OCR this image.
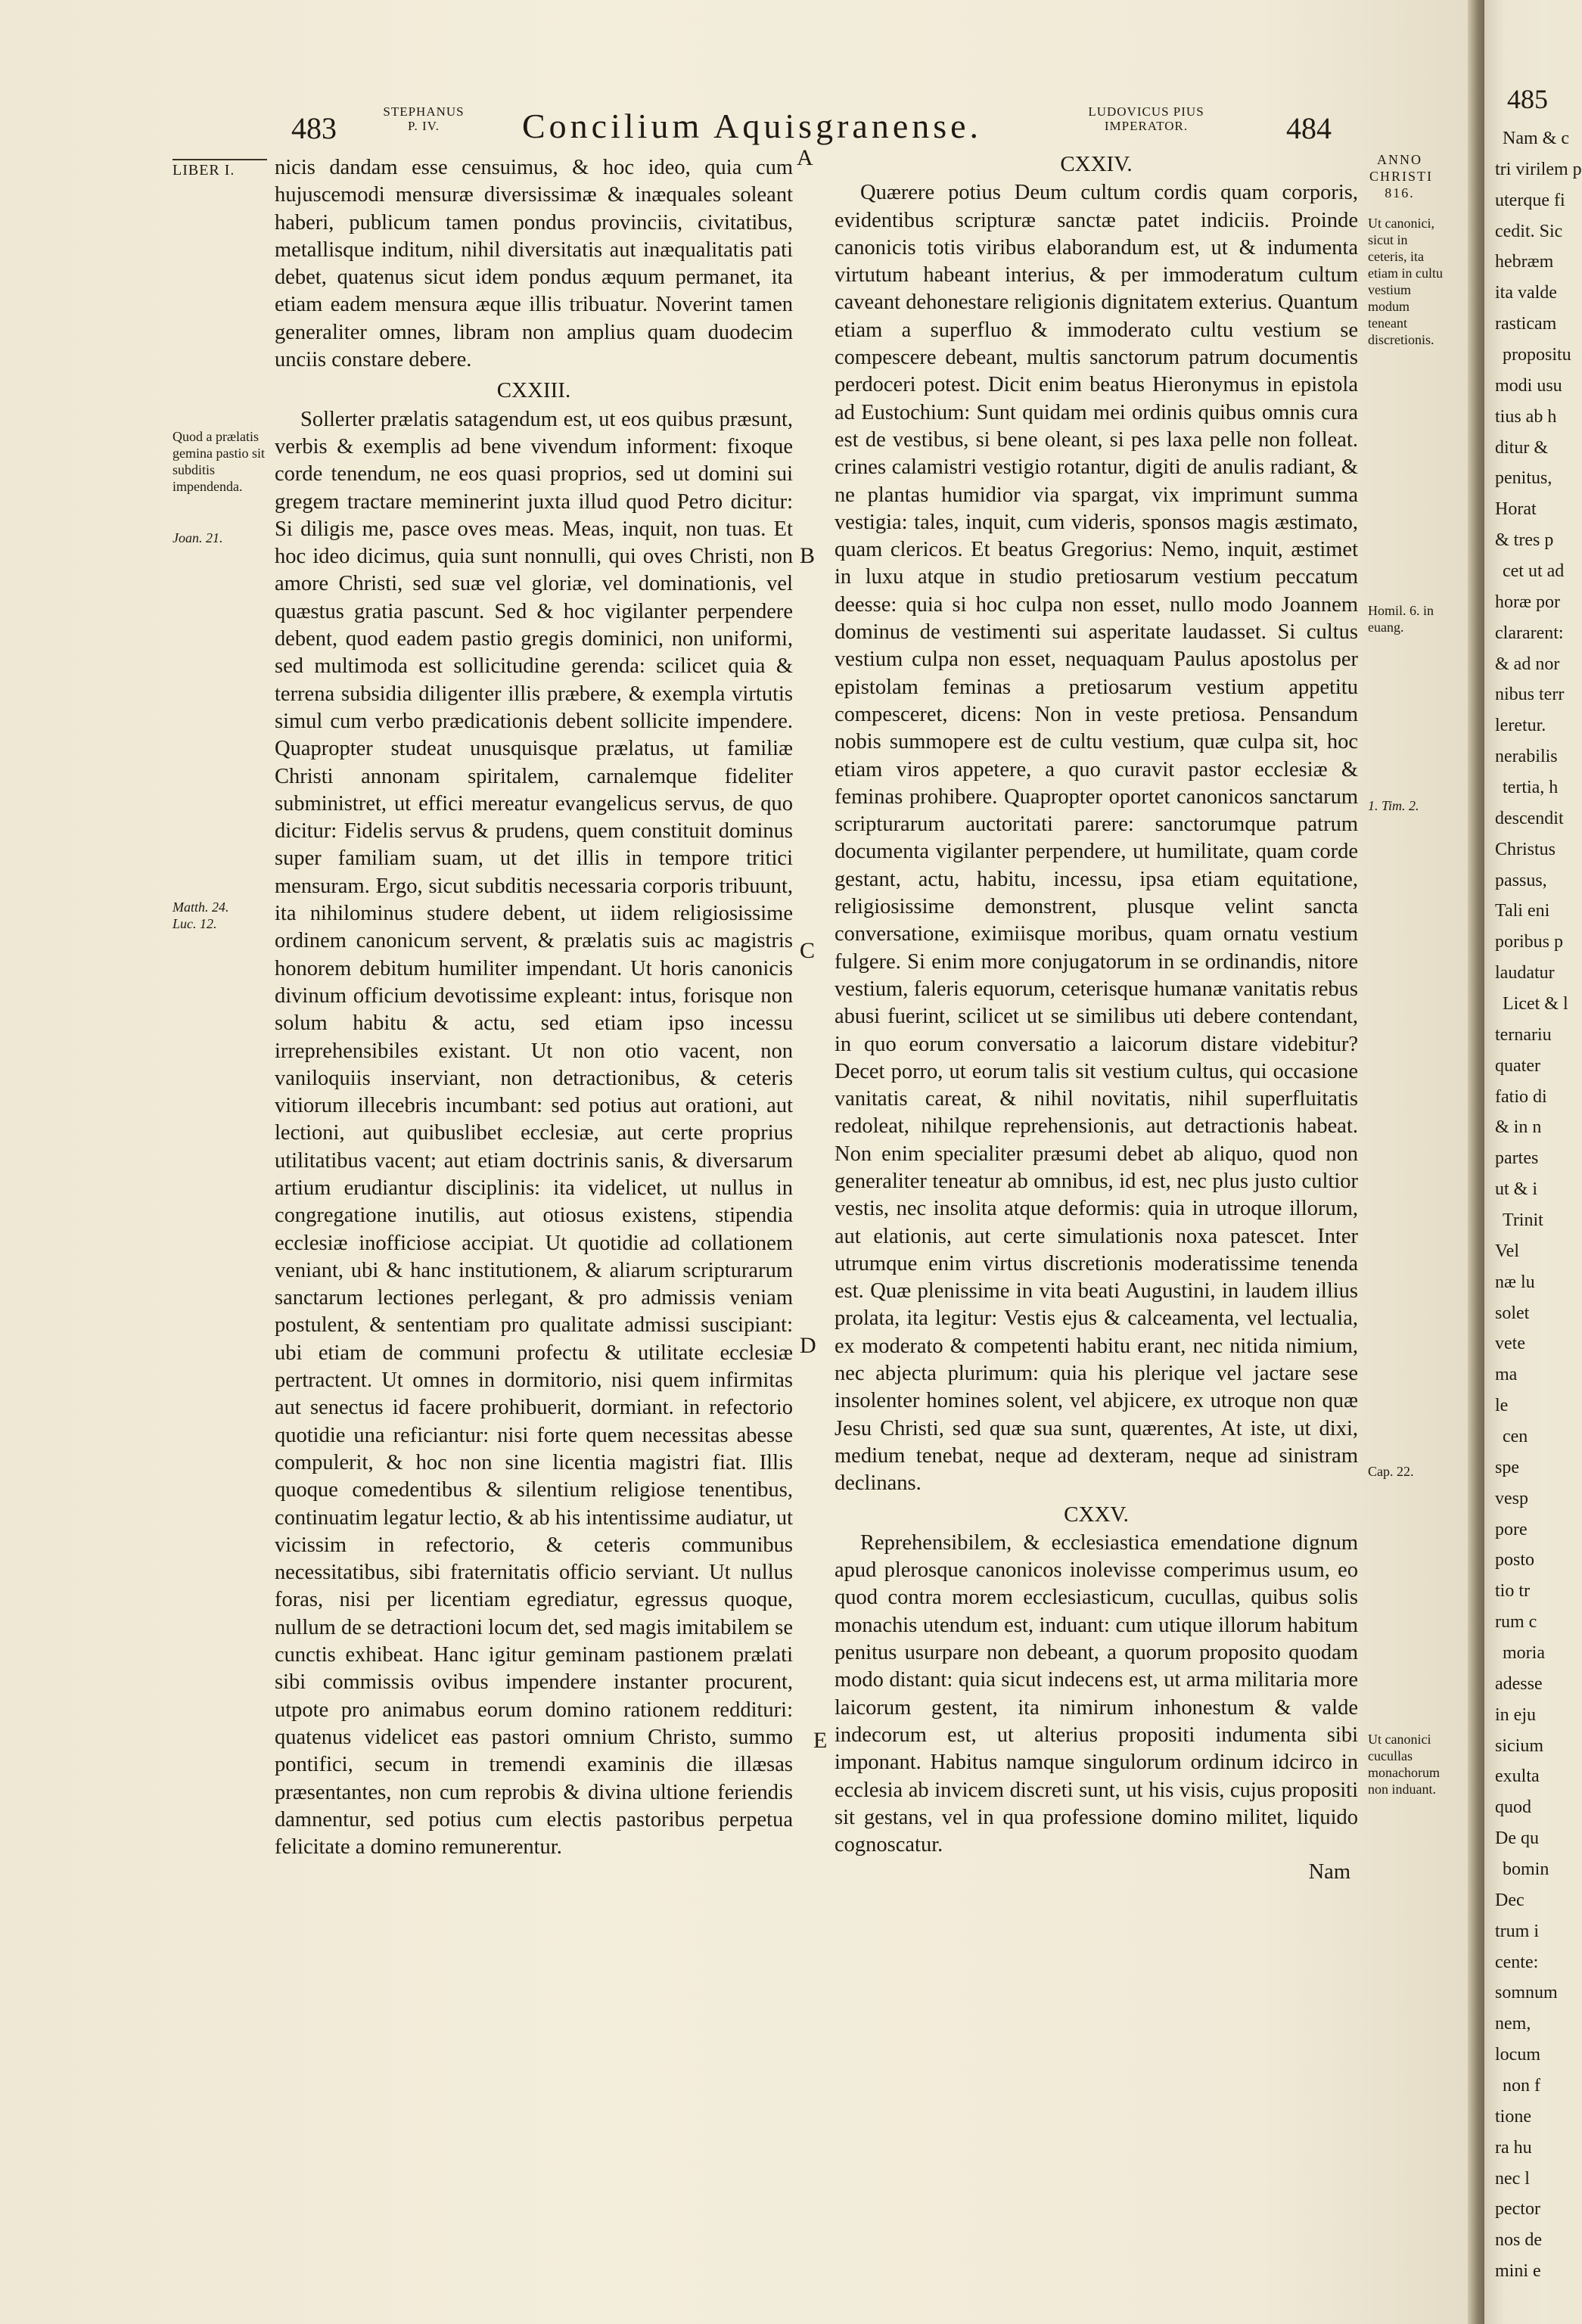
483	STEPHANUS
P. IV.	Concilium Aquisgranense.	LUDOVICUS PIUS
IMPERATOR.	484
LIBER I.
Quod a prælatis gemina pastio sit subditis impendenda.
Joan. 21.
Matth. 24. Luc. 12.
A
B
C
D
E

nicis dandam esse censuimus, & hoc ideo, quia cum hujuscemodi mensuræ diversissimæ & inæquales soleant haberi, publicum tamen pondus provinciis, civitatibus, metallisque inditum, nihil diversitatis aut inæqualitatis pati debet, quatenus sicut idem pondus æquum permanet, ita etiam eadem mensura æque illis tribuatur. Noverint tamen generaliter omnes, libram non amplius quam duodecim unciis constare debere.

CXXIII.

Sollerter prælatis satagendum est, ut eos quibus præsunt, verbis & exemplis ad bene vivendum informent: fixoque corde tenendum, ne eos quasi proprios, sed ut domini sui gregem tractare meminerint juxta illud quod Petro dicitur: Si diligis me, pasce oves meas. Meas, inquit, non tuas. Et hoc ideo dicimus, quia sunt nonnulli, qui oves Christi, non amore Christi, sed suæ vel gloriæ, vel dominationis, vel quæstus gratia pascunt. Sed & hoc vigilanter perpendere debent, quod eadem pastio gregis dominici, non uniformi, sed multimoda est sollicitudine gerenda: scilicet quia & terrena subsidia diligenter illis præbere, & exempla virtutis simul cum verbo prædicationis debent sollicite impendere. Quapropter studeat unusquisque prælatus, ut familiæ Christi annonam spiritalem, carnalemque fideliter subministret, ut effici mereatur evangelicus servus, de quo dicitur: Fidelis servus & prudens, quem constituit dominus super familiam suam, ut det illis in tempore tritici mensuram. Ergo, sicut subditis necessaria corporis tribuunt, ita nihilominus studere debent, ut iidem religiosissime ordinem canonicum servent, & prælatis suis ac magistris honorem debitum humiliter impendant. Ut horis canonicis divinum officium devotissime expleant: intus, forisque non solum habitu & actu, sed etiam ipso incessu irreprehensibiles existant. Ut non otio vacent, non vaniloquiis inserviant, non detractionibus, & ceteris vitiorum illecebris incumbant: sed potius aut orationi, aut lectioni, aut quibuslibet ecclesiæ, aut certe proprius utilitatibus vacent; aut etiam doctrinis sanis, & diversarum artium erudiantur disciplinis: ita videlicet, ut nullus in congregatione inutilis, aut otiosus existens, stipendia ecclesiæ inofficiose accipiat. Ut quotidie ad collationem veniant, ubi & hanc institutionem, & aliarum scripturarum sanctarum lectiones perlegant, & pro admissis veniam postulent, & sententiam pro qualitate admissi suscipiant: ubi etiam de communi profectu & utilitate ecclesiæ pertractent. Ut omnes in dormitorio, nisi quem infirmitas aut senectus id facere prohibuerit, dormiant. in refectorio quotidie una reficiantur: nisi forte quem necessitas abesse compulerit, & hoc non sine licentia magistri fiat. Illis quoque comedentibus & silentium religiose tenentibus, continuatim legatur lectio, & ab his intentissime audiatur, ut vicissim in refectorio, & ceteris communibus necessitatibus, sibi fraternitatis officio serviant. Ut nullus foras, nisi per licentiam egrediatur, egressus quoque, nullum de se detractioni locum det, sed magis imitabilem se cunctis exhibeat. Hanc igitur geminam pastionem prælati sibi commissis ovibus impendere instanter procurent, utpote pro animabus eorum domino rationem reddituri: quatenus videlicet eas pastori omnium Christo, summo pontifici, secum in tremendi examinis die illæsas præsentantes, non cum reprobis & divina ultione feriendis damnentur, sed potius cum electis pastoribus perpetua felicitate a domino remunerentur.

CXXIV.

Quærere potius Deum cultum cordis quam corporis, evidentibus scripturæ sanctæ patet indiciis. Proinde canonicis totis viribus elaborandum est, ut & indumenta virtutum habeant interius, & per immoderatum cultum caveant dehonestare religionis dignitatem exterius. Quantum etiam a superfluo & immoderato cultu vestium se compescere debeant, multis sanctorum patrum documentis perdoceri potest. Dicit enim beatus Hieronymus in epistola ad Eustochium: Sunt quidam mei ordinis quibus omnis cura est de vestibus, si bene oleant, si pes laxa pelle non folleat. crines calamistri vestigio rotantur, digiti de anulis radiant, & ne plantas humidior via spargat, vix imprimunt summa vestigia: tales, inquit, cum videris, sponsos magis æstimato, quam clericos. Et beatus Gregorius: Nemo, inquit, æstimet in luxu atque in studio pretiosarum vestium peccatum deesse: quia si hoc culpa non esset, nullo modo Joannem dominus de vestimenti sui asperitate laudasset. Si cultus vestium culpa non esset, nequaquam Paulus apostolus per epistolam feminas a pretiosarum vestium appetitu compesceret, dicens: Non in veste pretiosa. Pensandum nobis summopere est de cultu vestium, quæ culpa sit, hoc etiam viros appetere, a quo curavit pastor ecclesiæ & feminas prohibere. Quapropter oportet canonicos sanctarum scripturarum auctoritati parere: sanctorumque patrum documenta vigilanter perpendere, ut humilitate, quam corde gestant, actu, habitu, incessu, ipsa etiam equitatione, religiosissime demonstrent, plusque velint sancta conversatione, eximiisque moribus, quam ornatu vestium fulgere. Si enim more conjugatorum in se ordinandis, nitore vestium, faleris equorum, ceterisque humanæ vanitatis rebus abusi fuerint, scilicet ut se similibus uti debere contendant, in quo eorum conversatio a laicorum distare videbitur? Decet porro, ut eorum talis sit vestium cultus, qui occasione vanitatis careat, & nihil novitatis, nihil superfluitatis redoleat, nihilque reprehensionis, aut detractionis habeat. Non enim specialiter præsumi debet ab aliquo, quod non generaliter teneatur ab omnibus, id est, nec plus justo cultior vestis, nec insolita atque deformis: quia in utroque illorum, aut elationis, aut certe simulationis noxa patescet. Inter utrumque enim virtus discretionis moderatissime tenenda est. Quæ plenissime in vita beati Augustini, in laudem illius prolata, ita legitur: Vestis ejus & calceamenta, vel lectualia, ex moderato & competenti habitu erant, nec nitida nimium, nec abjecta plurimum: quia his plerique vel jactare sese insolenter homines solent, vel abjicere, ex utroque non quæ Jesu Christi, sed quæ sua sunt, quærentes, At iste, ut dixi, medium tenebat, neque ad dexteram, neque ad sinistram declinans.

CXXV.

Reprehensibilem, & ecclesiastica emendatione dignum apud plerosque canonicos inolevisse comperimus usum, eo quod contra morem ecclesiasticum, cucullas, quibus solis monachis utendum est, induant: cum utique illorum habitum penitus usurpare non debeant, a quorum proposito quodam modo distant: quia sicut indecens est, ut arma militaria more laicorum gestent, ita nimirum inhonestum & valde indecorum est, ut alterius propositi indumenta sibi imponant. Habitus namque singulorum ordinum idcirco in ecclesia ab invicem discreti sunt, ut his visis, cujus propositi sit gestans, vel in qua professione domino militet, liquido cognoscatur.

Nam
ANNO CHRISTI 816.
Ut canonici, sicut in ceteris, ita etiam in cultu vestium modum teneant discretionis.
Homil. 6. in euang.
1. Tim. 2.
Cap. 22.
Ut canonici cucullas monachorum non induant.
485
Nam & c
tri virilem p
uterque fi
cedit. Sic
hebræm
ita valde
rasticam
propositu
modi usu
tius ab h
ditur &
penitus,
Horat
& tres p
cet ut ad
horæ por
clararent:
& ad nor
nibus terr
leretur.
nerabilis
tertia, h
descendit
Christus
passus,
Tali eni
poribus p
laudatur
Licet & l
ternariu
quater
fatio di
& in n
partes
ut & i
Trinit
Vel
næ lu
solet
vete
ma
le
cen
spe
vesp
pore
posto
tio tr
rum c
moria
adesse
in eju
sicium
exulta
quod
De qu
bomin
Dec
trum i
cente:
somnum
nem,
locum
non f
tione
ra hu
nec l
pector
nos de
mini e
